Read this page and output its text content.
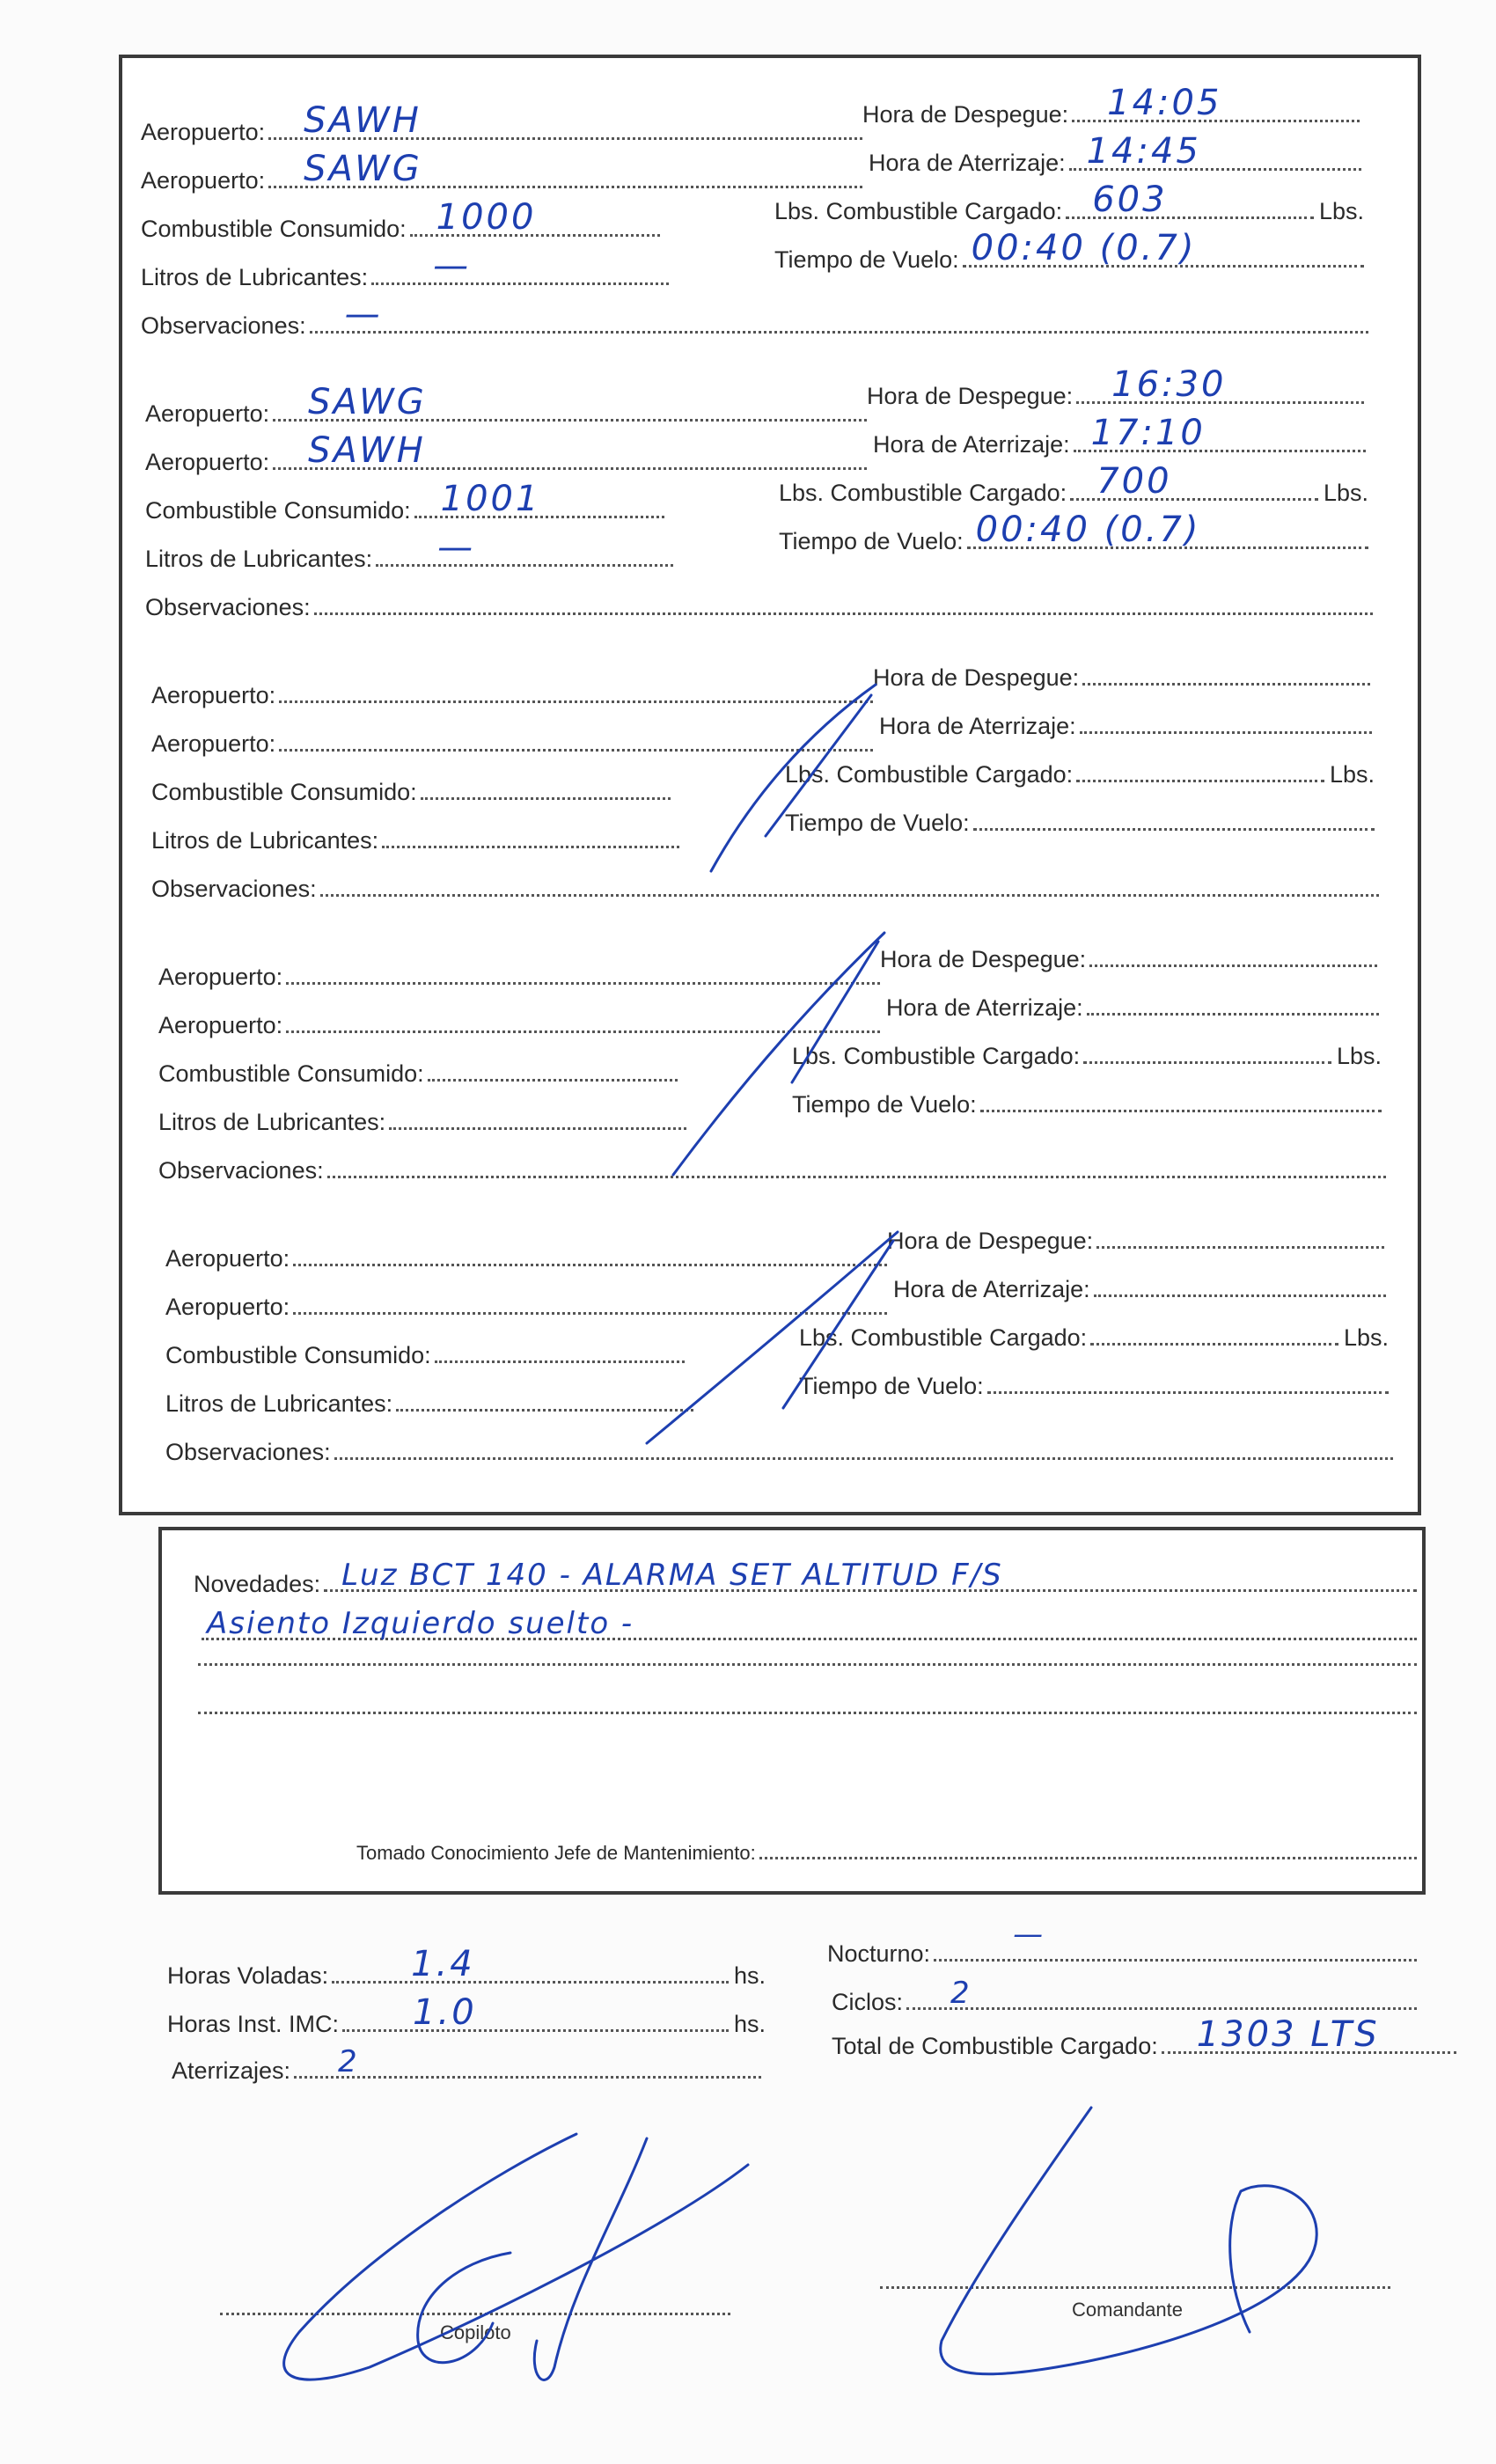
Aeropuerto: SAWH
Aeropuerto: SAWG
Combustible Consumido: 1000
Litros de Lubricantes: —
Observaciones: —
Hora de Despegue: 14:05
Hora de Aterrizaje: 14:45
Lbs. Combustible Cargado: 603	Lbs.
Tiempo de Vuelo: 00:40 (0.7)
Aeropuerto: SAWG
Aeropuerto: SAWH
Combustible Consumido: 1001
Litros de Lubricantes: —
Observaciones:
Hora de Despegue: 16:30
Hora de Aterrizaje: 17:10
Lbs. Combustible Cargado: 700	Lbs.
Tiempo de Vuelo: 00:40 (0.7)
Aeropuerto:
Aeropuerto:
Combustible Consumido:
Litros de Lubricantes:
Observaciones:
Hora de Despegue:
Hora de Aterrizaje:
Lbs. Combustible Cargado:	Lbs.
Tiempo de Vuelo:
Aeropuerto:
Aeropuerto:
Combustible Consumido:
Litros de Lubricantes:
Observaciones:
Hora de Despegue:
Hora de Aterrizaje:
Lbs. Combustible Cargado:	Lbs.
Tiempo de Vuelo:
Aeropuerto:
Aeropuerto:
Combustible Consumido:
Litros de Lubricantes:
Observaciones:
Hora de Despegue:
Hora de Aterrizaje:
Lbs. Combustible Cargado:	Lbs.
Tiempo de Vuelo:
Novedades: Luz BCT 140 - ALARMA SET ALTITUD F/S
Asiento Izquierdo suelto -
Tomado Conocimiento Jefe de Mantenimiento:
Horas Voladas: 1.4	hs.
Horas Inst. IMC: 1.0	hs.
Aterrizajes: 2
Nocturno:
—
Ciclos: 2
Total de Combustible Cargado: 1303 LTS
Copiloto
Comandante
